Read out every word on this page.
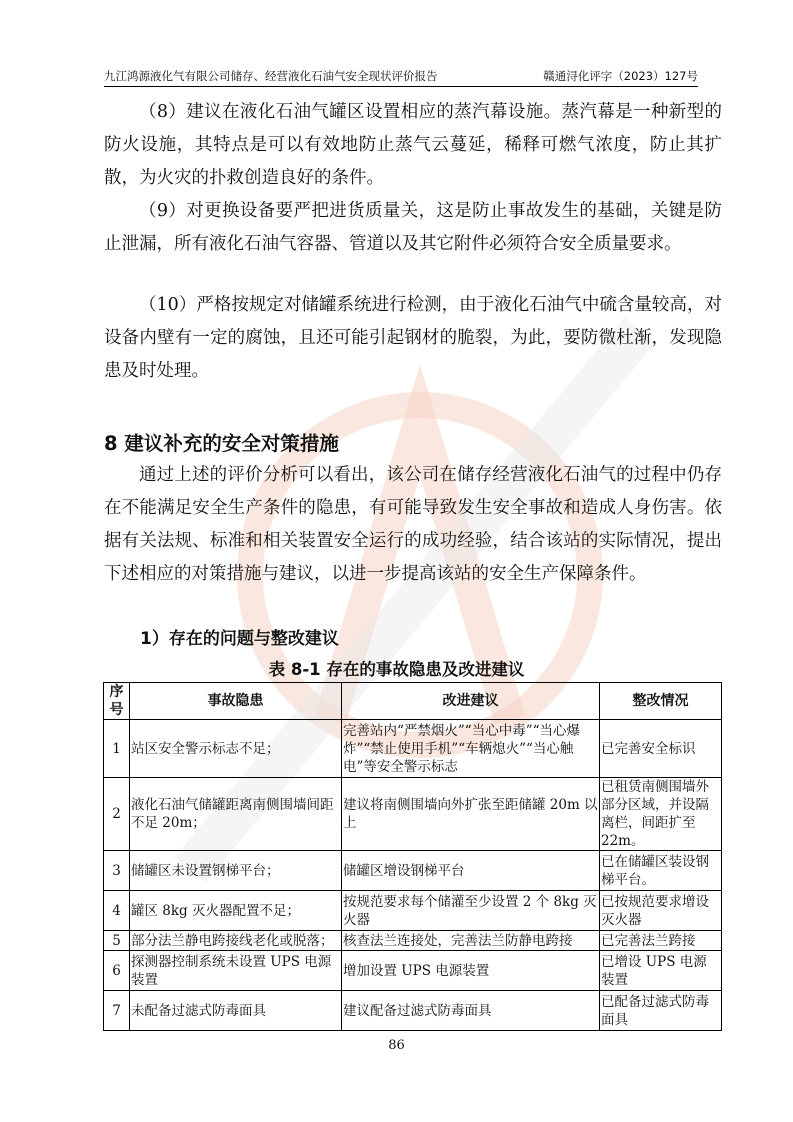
九江鸿源液化气有限公司储存、经营液化石油气安全现状评价报告	赣通浔化评字（2023）127号
（8）建议在液化石油气罐区设置相应的蒸汽幕设施。蒸汽幕是一种新型的防火设施，其特点是可以有效地防止蒸气云蔓延，稀释可燃气浓度，防止其扩散，为火灾的扑救创造良好的条件。
（9）对更换设备要严把进货质量关，这是防止事故发生的基础，关键是防止泄漏，所有液化石油气容器、管道以及其它附件必须符合安全质量要求。
（10）严格按规定对储罐系统进行检测，由于液化石油气中硫含量较高，对设备内壁有一定的腐蚀，且还可能引起钢材的脆裂，为此，要防微杜渐，发现隐患及时处理。
8 建议补充的安全对策措施
通过上述的评价分析可以看出，该公司在储存经营液化石油气的过程中仍存在不能满足安全生产条件的隐患，有可能导致发生安全事故和造成人身伤害。依据有关法规、标准和相关装置安全运行的成功经验，结合该站的实际情况，提出下述相应的对策措施与建议，以进一步提高该站的安全生产保障条件。
1）存在的问题与整改建议
表 8-1 存在的事故隐患及改进建议
序号	事故隐患	改进建议	整改情况
1	站区安全警示标志不足；	完善站内“严禁烟火”“当心中毒”“当心爆炸”“禁止使用手机”“车辆熄火”“当心触电”等安全警示标志	已完善安全标识
2	液化石油气储罐距离南侧围墙间距不足 20m；	建议将南侧围墙向外扩张至距储罐 20m 以上	已租赁南侧围墙外部分区域，并设隔离栏，间距扩至 22m。
3	储罐区未设置钢梯平台；	储罐区增设钢梯平台	已在储罐区装设钢梯平台。
4	罐区 8kg 灭火器配置不足；	按规范要求每个储灌至少设置 2 个 8kg 灭火器	已按规范要求增设灭火器
5	部分法兰静电跨接线老化或脱落；	核查法兰连接处，完善法兰防静电跨接	已完善法兰跨接
6	探测器控制系统未设置 UPS 电源装置	增加设置 UPS 电源装置	已增设 UPS 电源装置
7	未配备过滤式防毒面具	建议配备过滤式防毒面具	已配备过滤式防毒面具
86
